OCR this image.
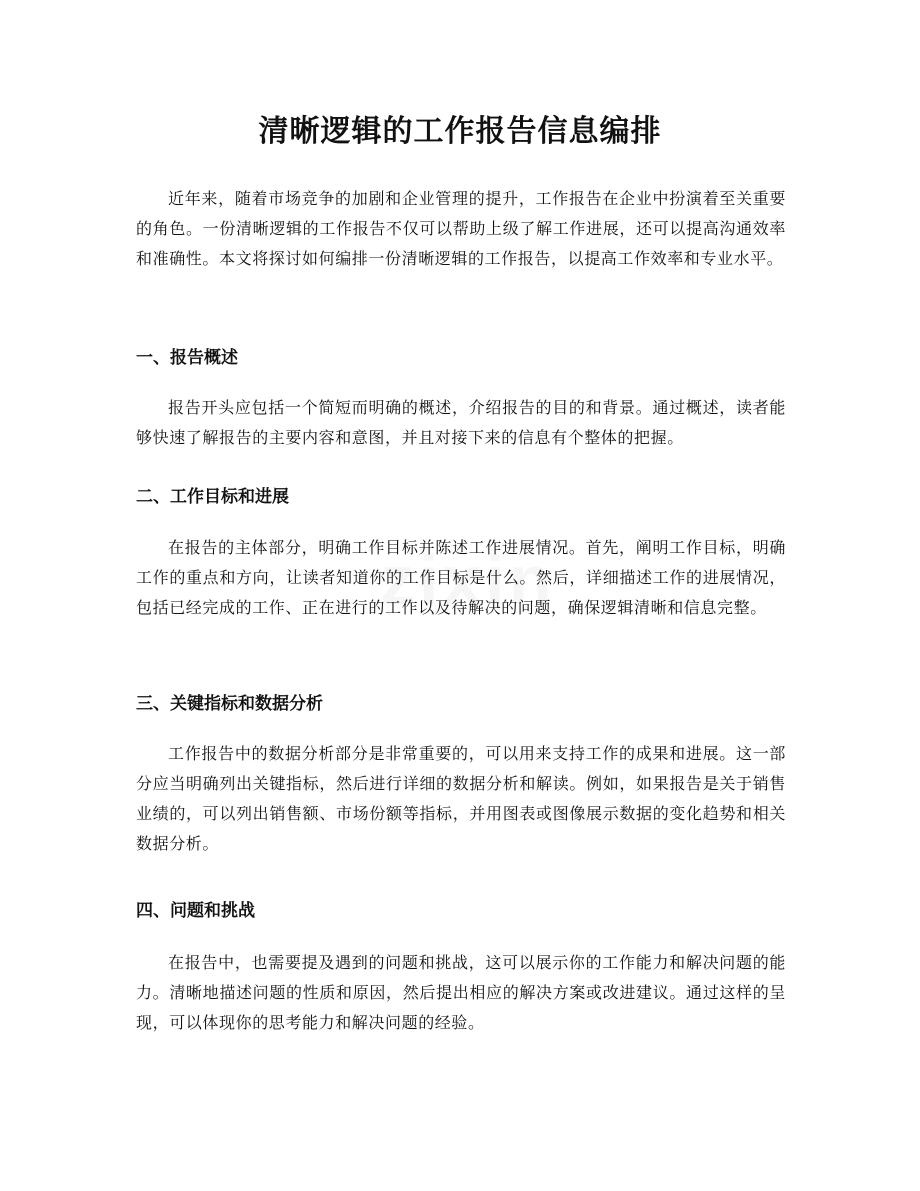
清晰逻辑的工作报告信息编排

近年来，随着市场竞争的加剧和企业管理的提升，工作报告在企业中扮演着至关重要的角色。一份清晰逻辑的工作报告不仅可以帮助上级了解工作进展，还可以提高沟通效率和准确性。本文将探讨如何编排一份清晰逻辑的工作报告，以提高工作效率和专业水平。

一、报告概述

报告开头应包括一个简短而明确的概述，介绍报告的目的和背景。通过概述，读者能够快速了解报告的主要内容和意图，并且对接下来的信息有个整体的把握。

二、工作目标和进展

在报告的主体部分，明确工作目标并陈述工作进展情况。首先，阐明工作目标，明确工作的重点和方向，让读者知道你的工作目标是什么。然后，详细描述工作的进展情况，包括已经完成的工作、正在进行的工作以及待解决的问题，确保逻辑清晰和信息完整。

三、关键指标和数据分析

工作报告中的数据分析部分是非常重要的，可以用来支持工作的成果和进展。这一部分应当明确列出关键指标，然后进行详细的数据分析和解读。例如，如果报告是关于销售业绩的，可以列出销售额、市场份额等指标，并用图表或图像展示数据的变化趋势和相关数据分析。

四、问题和挑战

在报告中，也需要提及遇到的问题和挑战，这可以展示你的工作能力和解决问题的能力。清晰地描述问题的性质和原因，然后提出相应的解决方案或改进建议。通过这样的呈现，可以体现你的思考能力和解决问题的经验。
